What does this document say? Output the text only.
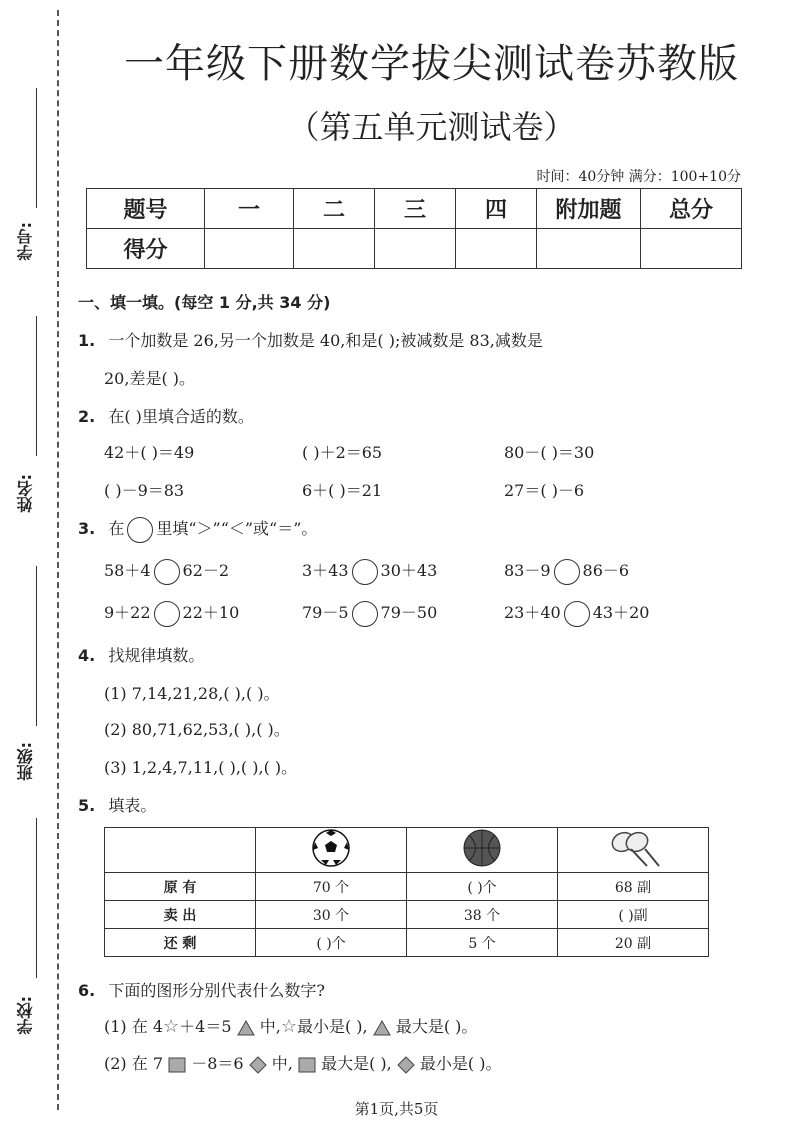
学号:
姓名:
班级:
学校:
一年级下册数学拔尖测试卷苏教版
（第五单元测试卷）
时间：40分钟 满分：100+10分
题号	一	二	三	四	附加题	总分
得分						
一、填一填。(每空 1 分,共 34 分)
1. 一个加数是 26,另一个加数是 40,和是( );被减数是 83,减数是
20,差是( )。
2. 在( )里填合适的数。
42＋( )＝49	( )＋2＝65	80－( )＝30
( )－9＝83	6＋( )＝21	27＝( )－6
3. 在 里填“＞”“＜”或“＝”。
58＋4 62－2	3＋43 30＋43	83－9 86－6
9＋22 22＋10	79－5 79－50	23＋40 43＋20
4. 找规律填数。
(1) 7,14,21,28,( ),( )。
(2) 80,71,62,53,( ),( )。
(3) 1,2,4,7,11,( ),( ),( )。
5. 填表。

原 有	70 个	( )个	68 副
卖 出	30 个	38 个	( )副
还 剩	( )个	5 个	20 副
6. 下面的图形分别代表什么数字?
(1) 在 4☆＋4＝5 中,☆最小是( ), 最大是( )。
(2) 在 7 －8＝6 中, 最大是( ), 最小是( )。
第1页,共5页
